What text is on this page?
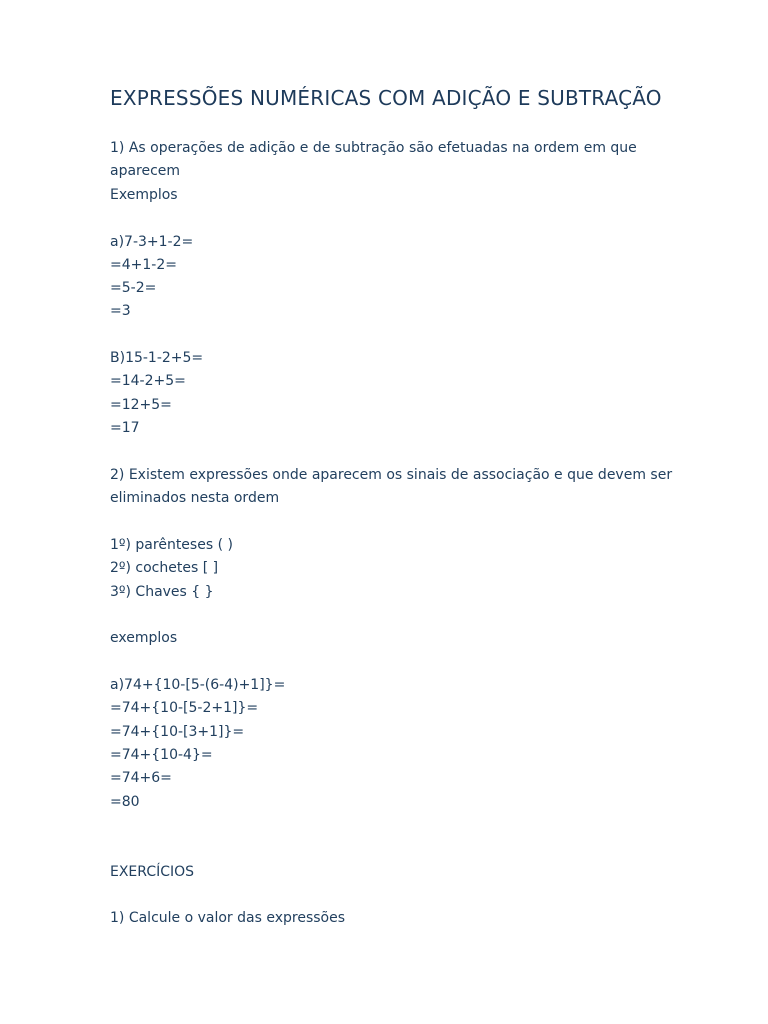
EXPRESSÕES NUMÉRICAS COM ADIÇÃO E SUBTRAÇÃO

1) As operações de adição e de subtração são efetuadas na ordem em que

aparecem

Exemplos

a)7-3+1-2=

=4+1-2=

=5-2=

=3

B)15-1-2+5=

=14-2+5=

=12+5=

=17

2) Existem expressões onde aparecem os sinais de associação e que devem ser

eliminados nesta ordem

1º) parênteses ( )

2º) cochetes [ ]

3º) Chaves { }

exemplos

a)74+{10-[5-(6-4)+1]}=

=74+{10-[5-2+1]}=

=74+{10-[3+1]}=

=74+{10-4}=

=74+6=

=80

EXERCÍCIOS

1) Calcule o valor das expressões
